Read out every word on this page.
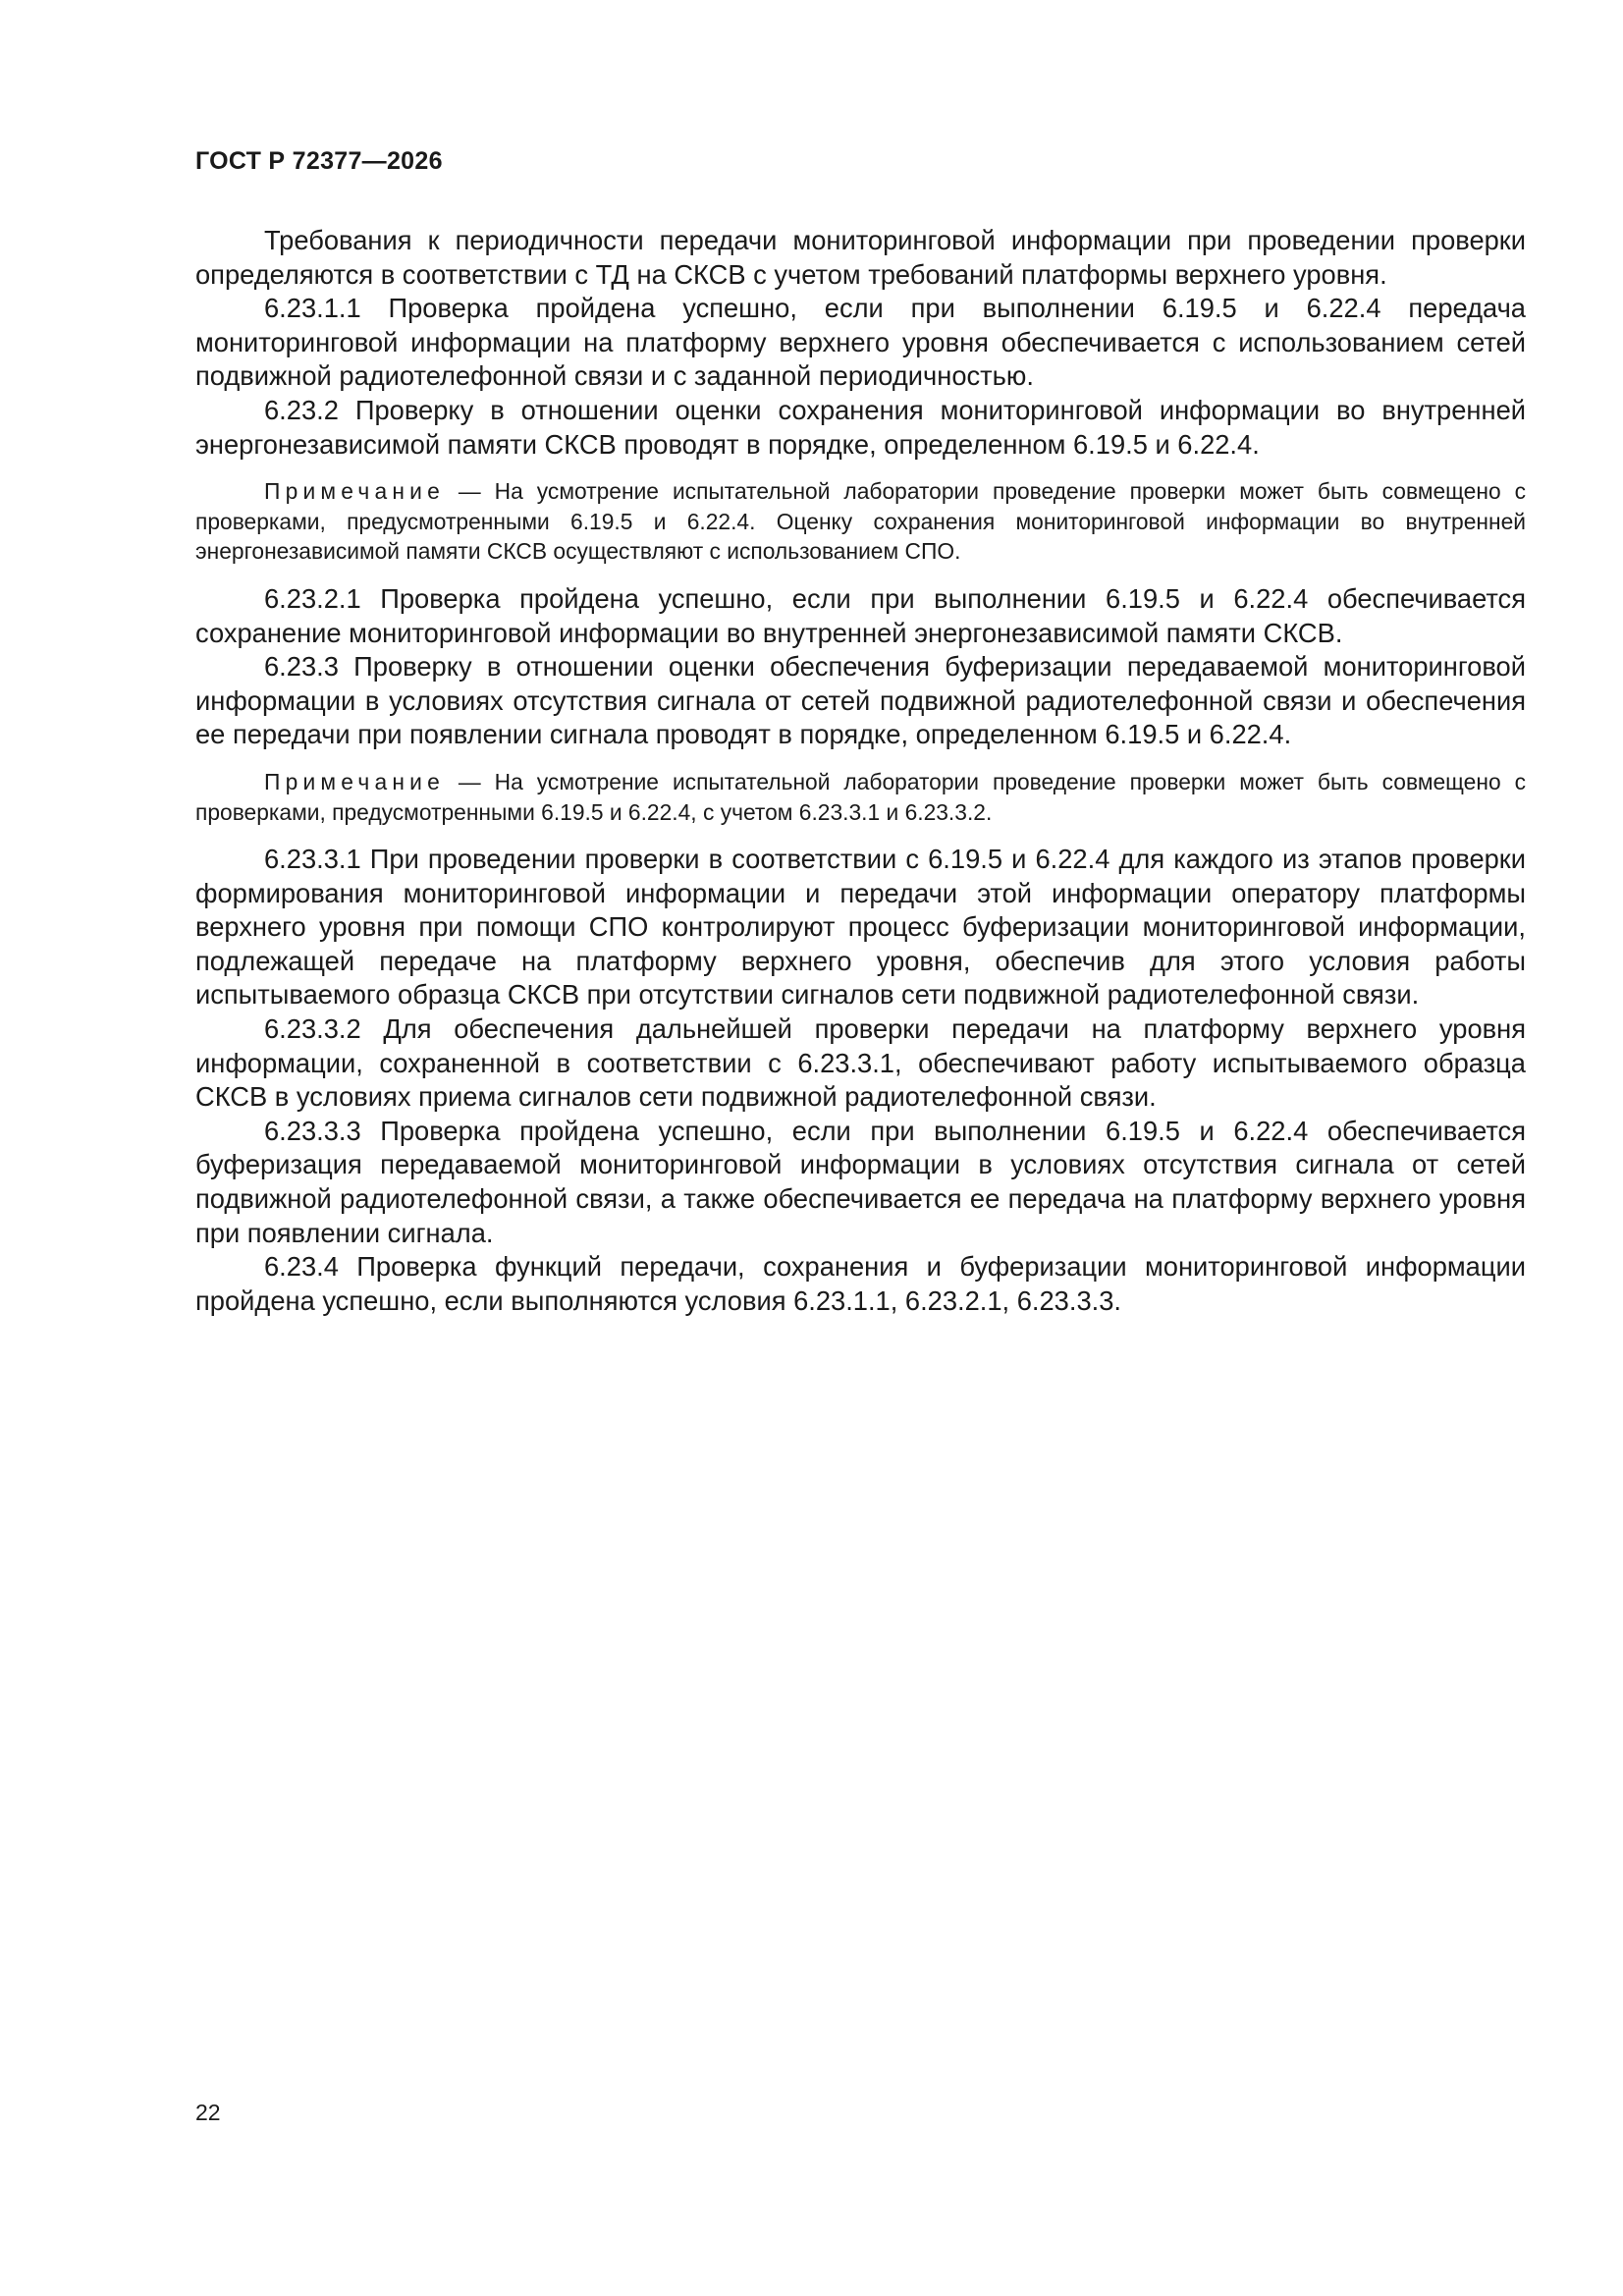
ГОСТ Р 72377—2026

Требования к периодичности передачи мониторинговой информации при проведении проверки определяются в соответствии с ТД на СКСВ с учетом требований платформы верхнего уровня.

6.23.1.1 Проверка пройдена успешно, если при выполнении 6.19.5 и 6.22.4 передача мониторинговой информации на платформу верхнего уровня обеспечивается с использованием сетей подвижной радиотелефонной связи и с заданной периодичностью.

6.23.2 Проверку в отношении оценки сохранения мониторинговой информации во внутренней энергонезависимой памяти СКСВ проводят в порядке, определенном 6.19.5 и 6.22.4.

Примечание — На усмотрение испытательной лаборатории проведение проверки может быть совмещено с проверками, предусмотренными 6.19.5 и 6.22.4. Оценку сохранения мониторинговой информации во внутренней энергонезависимой памяти СКСВ осуществляют с использованием СПО.

6.23.2.1 Проверка пройдена успешно, если при выполнении 6.19.5 и 6.22.4 обеспечивается сохранение мониторинговой информации во внутренней энергонезависимой памяти СКСВ.

6.23.3 Проверку в отношении оценки обеспечения буферизации передаваемой мониторинговой информации в условиях отсутствия сигнала от сетей подвижной радиотелефонной связи и обеспечения ее передачи при появлении сигнала проводят в порядке, определенном 6.19.5 и 6.22.4.

Примечание — На усмотрение испытательной лаборатории проведение проверки может быть совмещено с проверками, предусмотренными 6.19.5 и 6.22.4, с учетом 6.23.3.1 и 6.23.3.2.

6.23.3.1 При проведении проверки в соответствии с 6.19.5 и 6.22.4 для каждого из этапов проверки формирования мониторинговой информации и передачи этой информации оператору платформы верхнего уровня при помощи СПО контролируют процесс буферизации мониторинговой информации, подлежащей передаче на платформу верхнего уровня, обеспечив для этого условия работы испытываемого образца СКСВ при отсутствии сигналов сети подвижной радиотелефонной связи.

6.23.3.2 Для обеспечения дальнейшей проверки передачи на платформу верхнего уровня информации, сохраненной в соответствии с 6.23.3.1, обеспечивают работу испытываемого образца СКСВ в условиях приема сигналов сети подвижной радиотелефонной связи.

6.23.3.3 Проверка пройдена успешно, если при выполнении 6.19.5 и 6.22.4 обеспечивается буферизация передаваемой мониторинговой информации в условиях отсутствия сигнала от сетей подвижной радиотелефонной связи, а также обеспечивается ее передача на платформу верхнего уровня при появлении сигнала.

6.23.4 Проверка функций передачи, сохранения и буферизации мониторинговой информации пройдена успешно, если выполняются условия 6.23.1.1, 6.23.2.1, 6.23.3.3.

22
